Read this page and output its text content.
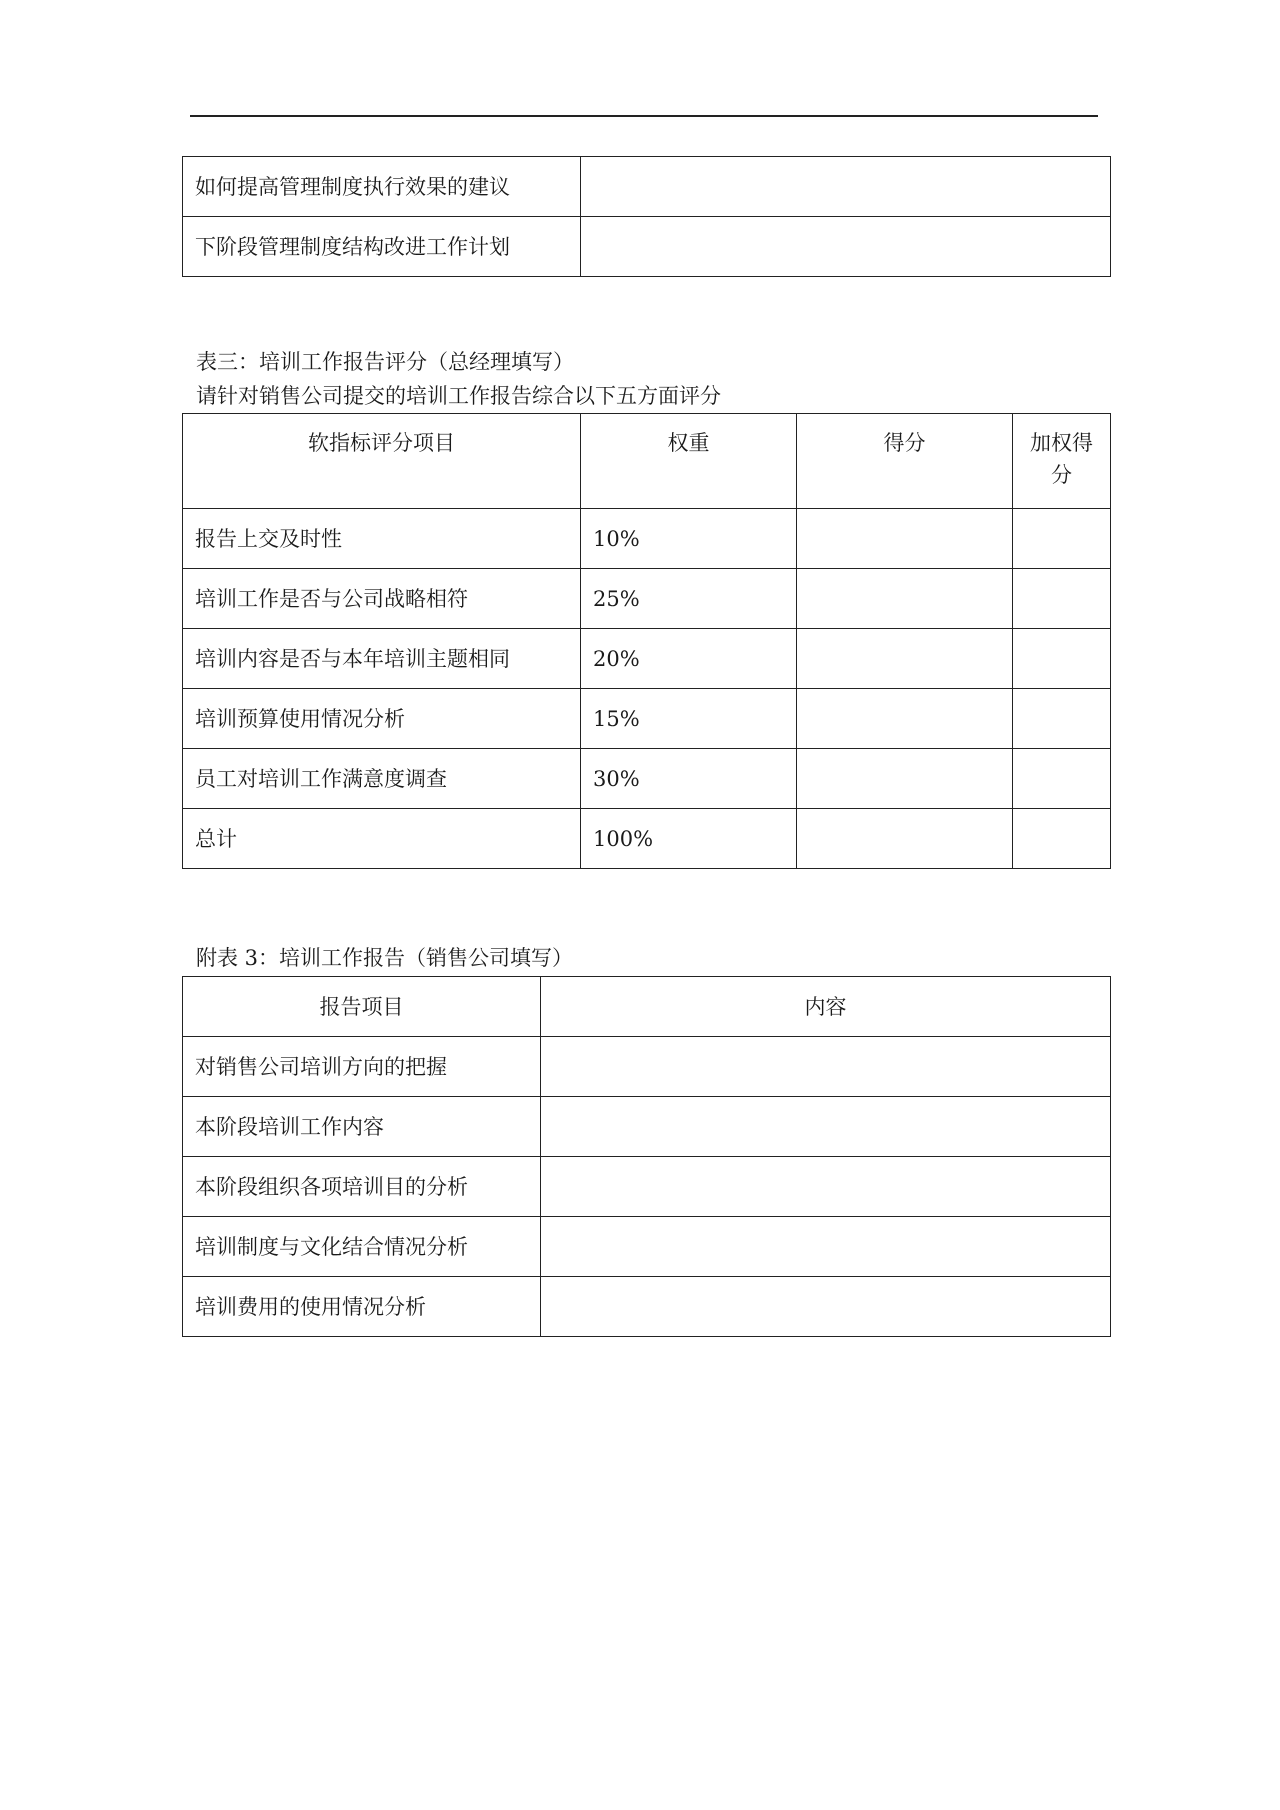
如何提高管理制度执行效果的建议	
下阶段管理制度结构改进工作计划	
表三：培训工作报告评分（总经理填写）
请针对销售公司提交的培训工作报告综合以下五方面评分
软指标评分项目	权重	得分	加权得分
报告上交及时性	10%		
培训工作是否与公司战略相符	25%		
培训内容是否与本年培训主题相同	20%		
培训预算使用情况分析	15%		
员工对培训工作满意度调查	30%		
总计	100%		
附表 3：培训工作报告（销售公司填写）
报告项目	内容
对销售公司培训方向的把握	
本阶段培训工作内容	
本阶段组织各项培训目的分析	
培训制度与文化结合情况分析	
培训费用的使用情况分析	
